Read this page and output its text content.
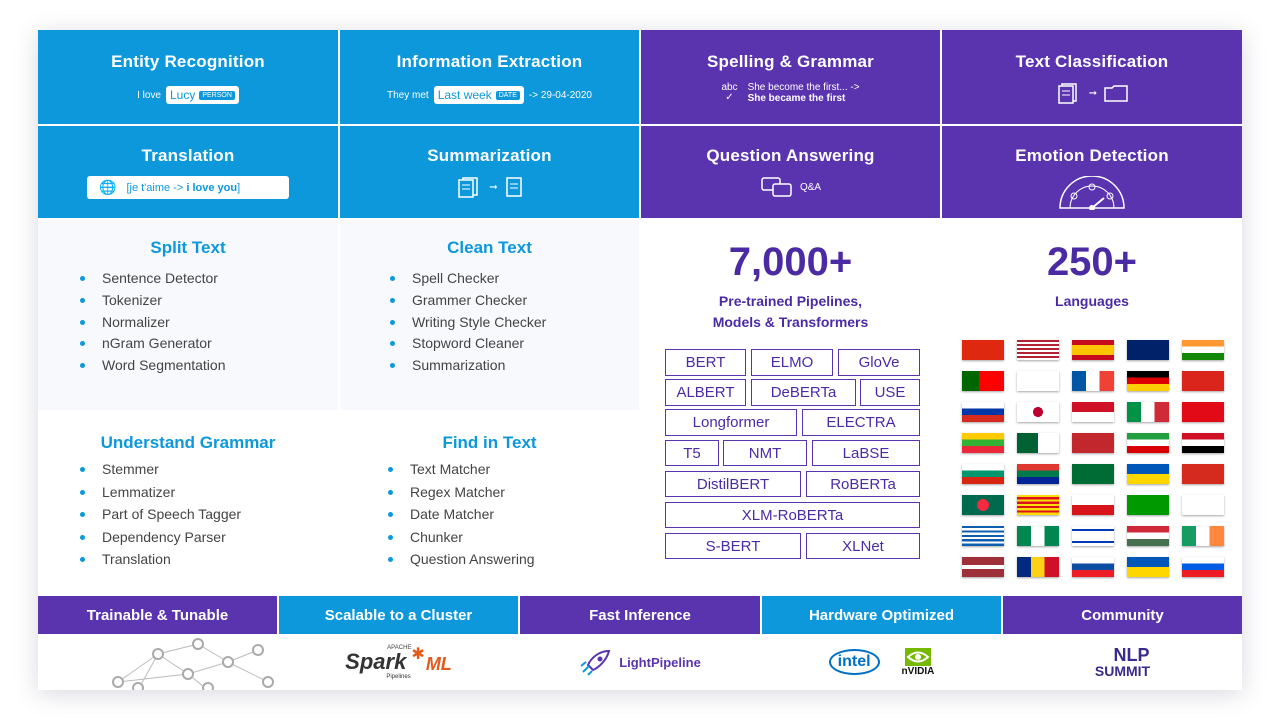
Entity Recognition
I love Lucy	PERSON
Information Extraction
They met Last week	DATE	-> 29-04-2020
Spelling & Grammar
abc
✓
She become the first... ->
She became the first
Text Classification
➞
Translation
🌐 [je t'aime -> i love you]
Summarization
➞
Question Answering
Q&A
Emotion Detection
Split Text
Sentence Detector
Tokenizer
Normalizer
nGram Generator
Word Segmentation
Clean Text
Spell Checker
Grammer Checker
Writing Style Checker
Stopword Cleaner
Summarization
Understand Grammar
Stemmer
Lemmatizer
Part of Speech Tagger
Dependency Parser
Translation
Find in Text
Text Matcher
Regex Matcher
Date Matcher
Chunker
Question Answering
7,000+
Pre-trained Pipelines,
Models & Transformers
BERT	ELMO	GloVe
ALBERT	DeBERTa	USE
Longformer	ELECTRA
T5	NMT	LaBSE
DistilBERT	RoBERTa
XLM-RoBERTa
S-BERT	XLNet
250+
Languages
Trainable & Tunable	Scalable to a Cluster	Fast Inference	Hardware Optimized	Community
APACHE
Spark ✱ ML
Pipelines
LightPipeline	intel
nVIDIA
NLP
SUMMIT
